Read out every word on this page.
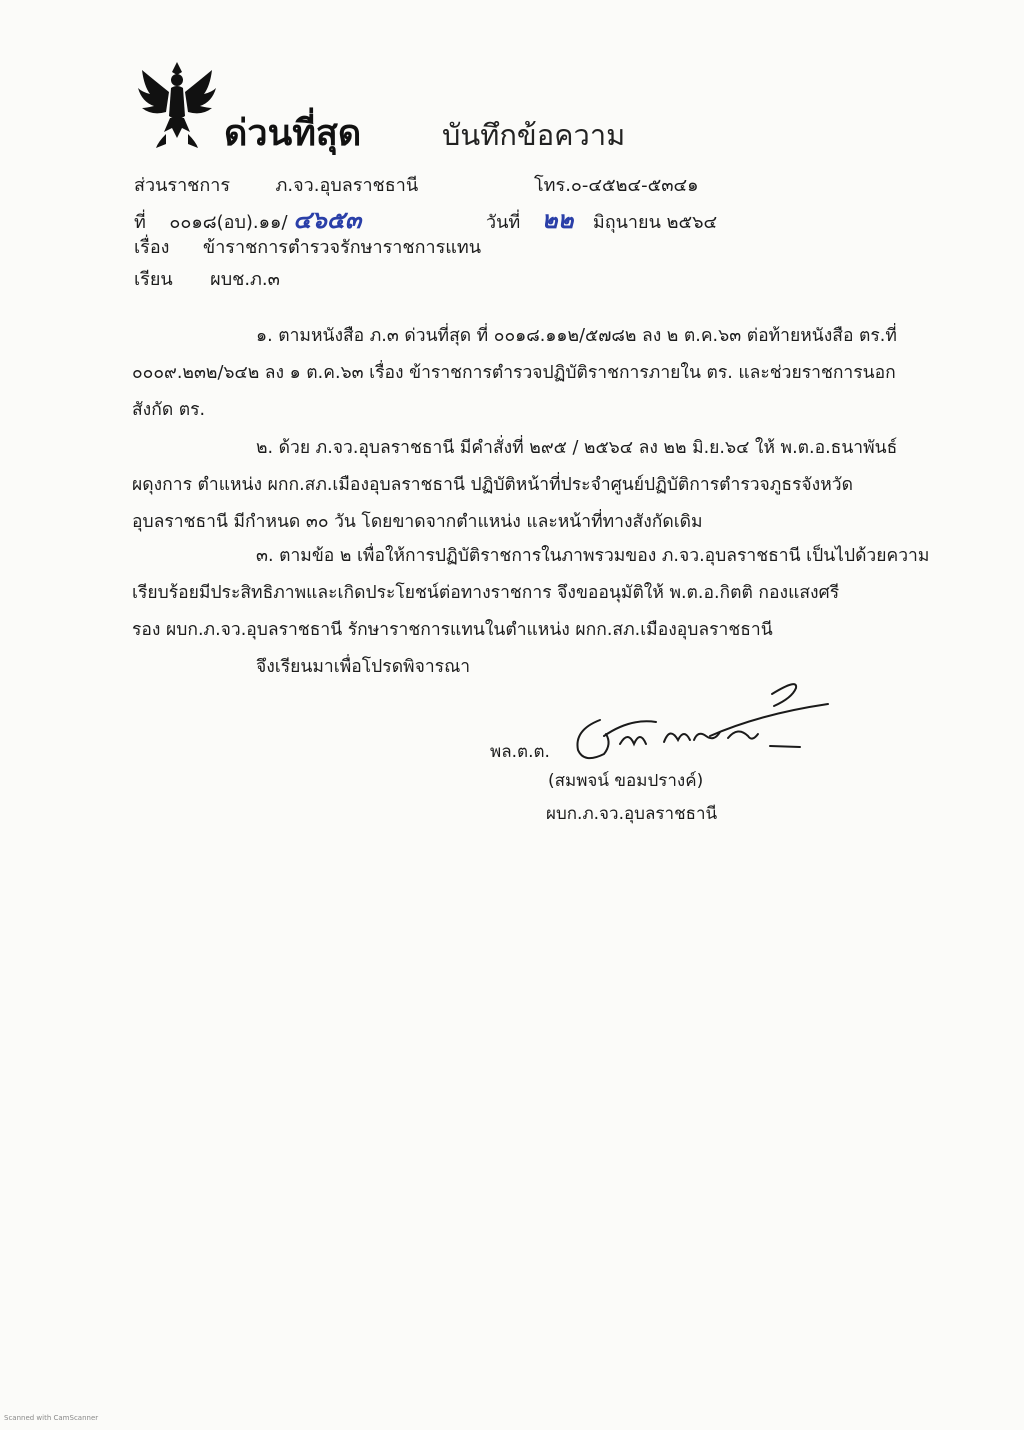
ด่วนที่สุด	บันทึกข้อความ
ส่วนราชการ	ภ.จว.อุบลราชธานี	โทร.๐-๔๕๒๔-๕๓๔๑
ที่ ๐๐๑๘(อบ).๑๑/ ๔๖๕๓	วันที่ ๒๒ มิถุนายน ๒๕๖๔
เรื่อง ข้าราชการตำรวจรักษาราชการแทน
เรียน ผบช.ภ.๓
๑. ตามหนังสือ ภ.๓ ด่วนที่สุด ที่ ๐๐๑๘.๑๑๒/๕๗๘๒ ลง ๒ ต.ค.๖๓ ต่อท้ายหนังสือ ตร.ที่
๐๐๐๙.๒๓๒/๖๔๒ ลง ๑ ต.ค.๖๓ เรื่อง ข้าราชการตำรวจปฏิบัติราชการภายใน ตร. และช่วยราชการนอก
สังกัด ตร.
๒. ด้วย ภ.จว.อุบลราชธานี มีคำสั่งที่ ๒๙๕ / ๒๕๖๔ ลง ๒๒ มิ.ย.๖๔ ให้ พ.ต.อ.ธนาพันธ์
ผดุงการ ตำแหน่ง ผกก.สภ.เมืองอุบลราชธานี ปฏิบัติหน้าที่ประจำศูนย์ปฏิบัติการตำรวจภูธรจังหวัด
อุบลราชธานี มีกำหนด ๓๐ วัน โดยขาดจากตำแหน่ง และหน้าที่ทางสังกัดเดิม
๓. ตามข้อ ๒ เพื่อให้การปฏิบัติราชการในภาพรวมของ ภ.จว.อุบลราชธานี เป็นไปด้วยความ
เรียบร้อยมีประสิทธิภาพและเกิดประโยชน์ต่อทางราชการ จึงขออนุมัติให้ พ.ต.อ.กิตติ กองแสงศรี
รอง ผบก.ภ.จว.อุบลราชธานี รักษาราชการแทนในตำแหน่ง ผกก.สภ.เมืองอุบลราชธานี
จึงเรียนมาเพื่อโปรดพิจารณา
พล.ต.ต.
(สมพจน์ ขอมปรางค์)
ผบก.ภ.จว.อุบลราชธานี
Scanned with CamScanner
